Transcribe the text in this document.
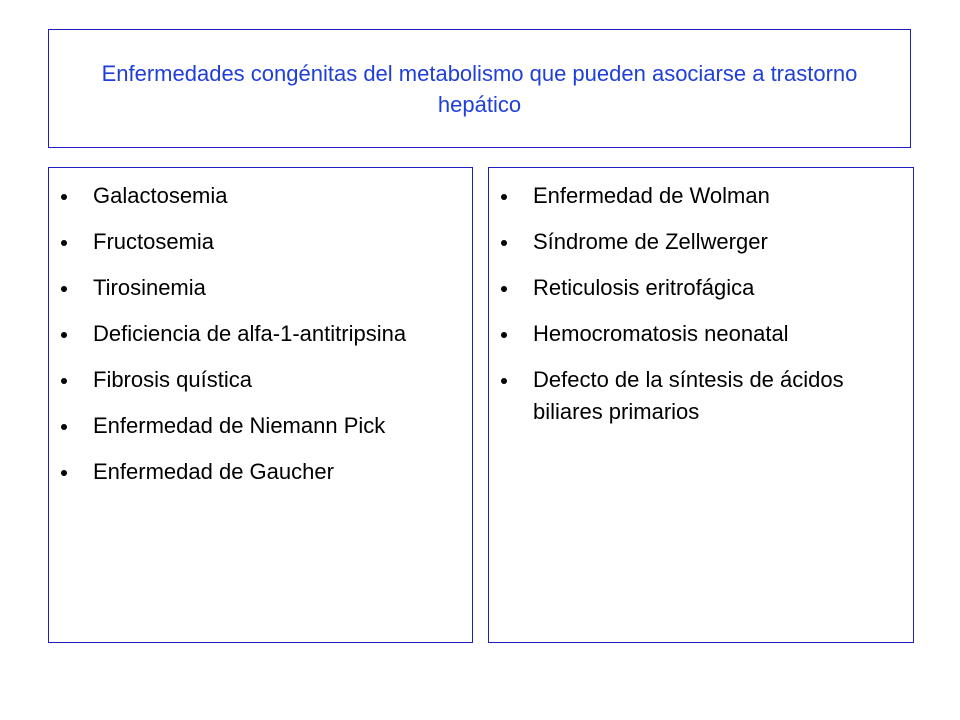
Enfermedades congénitas del metabolismo que pueden asociarse a trastorno hepático
Galactosemia
Fructosemia
Tirosinemia
Deficiencia de alfa-1-antitripsina
Fibrosis quística
Enfermedad de Niemann Pick
Enfermedad de Gaucher
Enfermedad de Wolman
Síndrome de Zellwerger
Reticulosis eritrofágica
Hemocromatosis neonatal
Defecto de la síntesis de ácidos biliares primarios
